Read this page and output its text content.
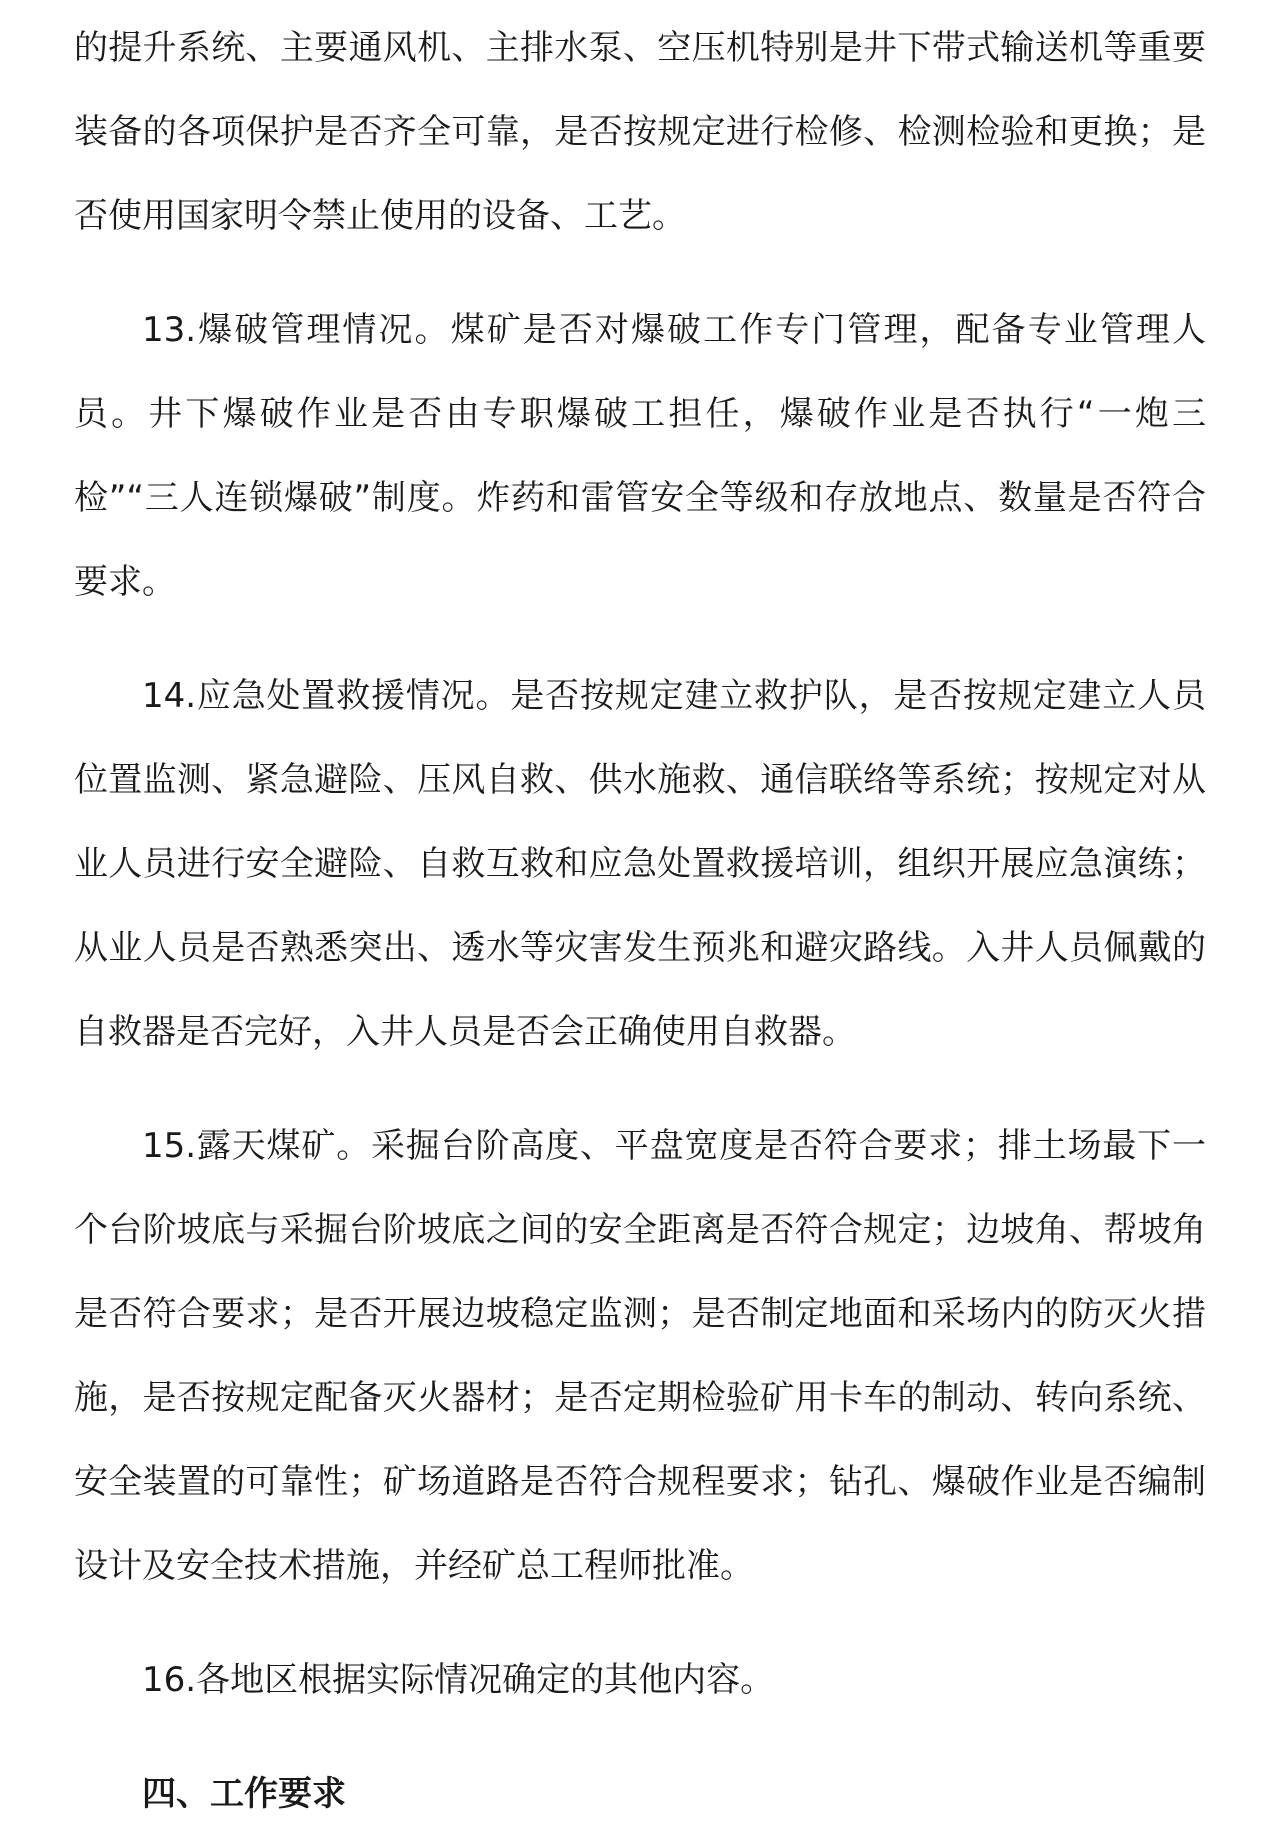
的提升系统、主要通风机、主排水泵、空压机特别是井下带式输送机等重要装备的各项保护是否齐全可靠，是否按规定进行检修、检测检验和更换；是否使用国家明令禁止使用的设备、工艺。

13.爆破管理情况。煤矿是否对爆破工作专门管理，配备专业管理人员。井下爆破作业是否由专职爆破工担任，爆破作业是否执行“一炮三检”“三人连锁爆破”制度。炸药和雷管安全等级和存放地点、数量是否符合要求。

14.应急处置救援情况。是否按规定建立救护队，是否按规定建立人员位置监测、紧急避险、压风自救、供水施救、通信联络等系统；按规定对从业人员进行安全避险、自救互救和应急处置救援培训，组织开展应急演练；从业人员是否熟悉突出、透水等灾害发生预兆和避灾路线。入井人员佩戴的自救器是否完好，入井人员是否会正确使用自救器。

15.露天煤矿。采掘台阶高度、平盘宽度是否符合要求；排土场最下一个台阶坡底与采掘台阶坡底之间的安全距离是否符合规定；边坡角、帮坡角是否符合要求；是否开展边坡稳定监测；是否制定地面和采场内的防灭火措施，是否按规定配备灭火器材；是否定期检验矿用卡车的制动、转向系统、安全装置的可靠性；矿场道路是否符合规程要求；钻孔、爆破作业是否编制设计及安全技术措施，并经矿总工程师批准。

16.各地区根据实际情况确定的其他内容。

四、工作要求
